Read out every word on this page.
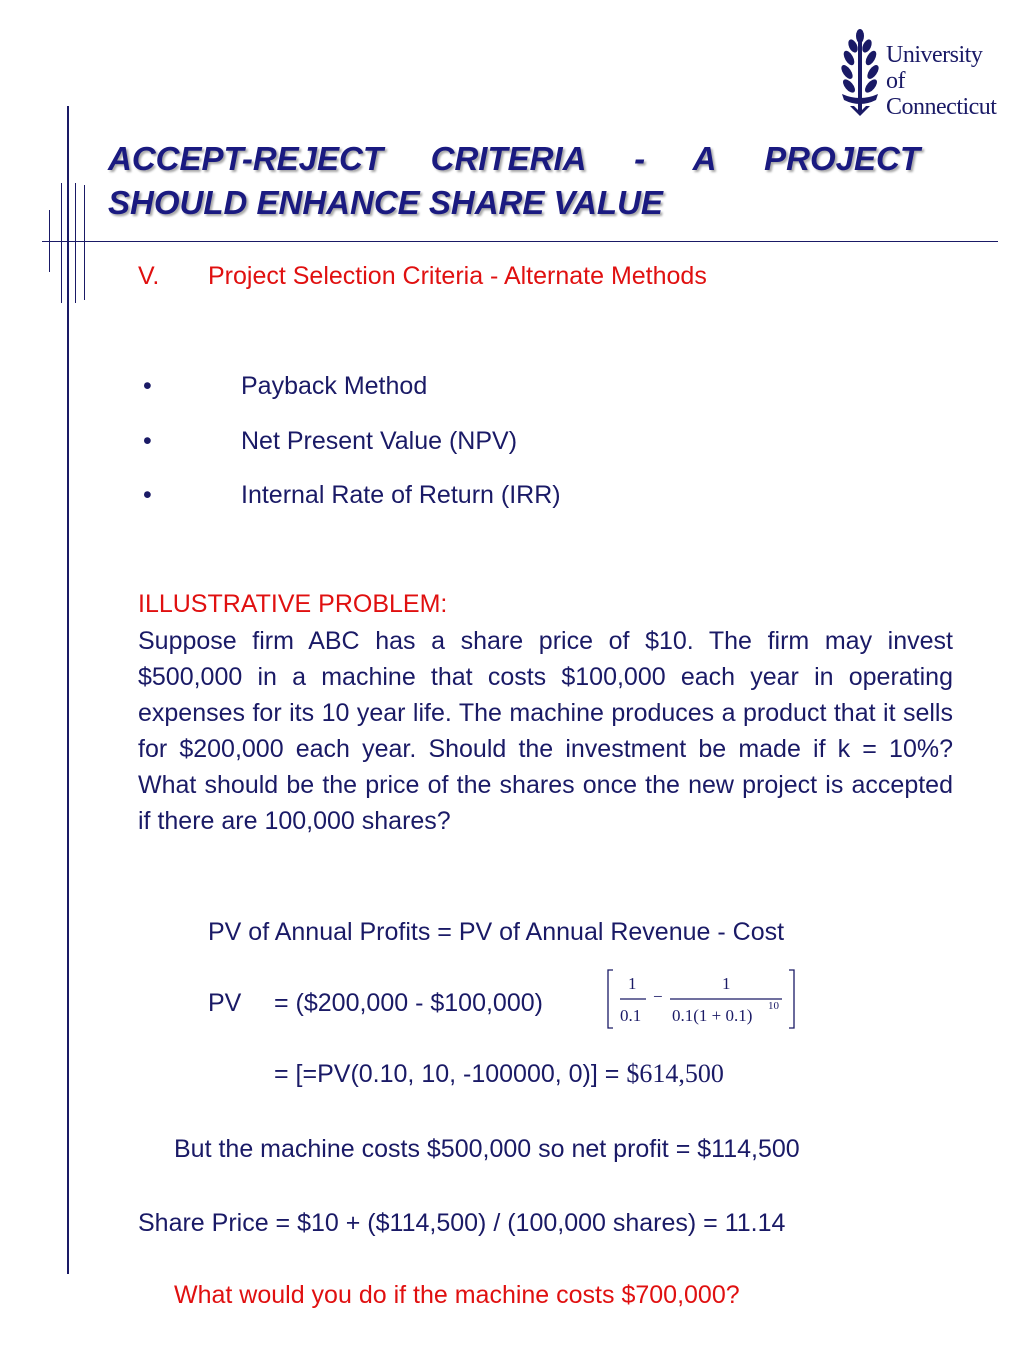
University of
Connecticut
ACCEPT-REJECT CRITERIA - A PROJECT
SHOULD ENHANCE SHARE VALUE
V. Project Selection Criteria - Alternate Methods
•	Payback Method
•	Net Present Value (NPV)
•	Internal Rate of Return (IRR)
ILLUSTRATIVE PROBLEM:
Suppose firm ABC has a share price of $10. The firm may invest $500,000 in a machine that costs $100,000 each year in operating expenses for its 10 year life. The machine produces a product that it sells for $200,000 each year. Should the investment be made if k = 10%? What should be the price of the shares once the new project is accepted if there are 100,000 shares?
PV of Annual Profits = PV of Annual Revenue - Cost
PV = ($200,000 - $100,000)
1
0.1
−
1
0.1(1 + 0.1) 10
= [=PV(0.10, 10, -100000, 0)] = $614,500
But the machine costs $500,000 so net profit = $114,500
Share Price = $10 + ($114,500) / (100,000 shares) = 11.14
What would you do if the machine costs $700,000?
